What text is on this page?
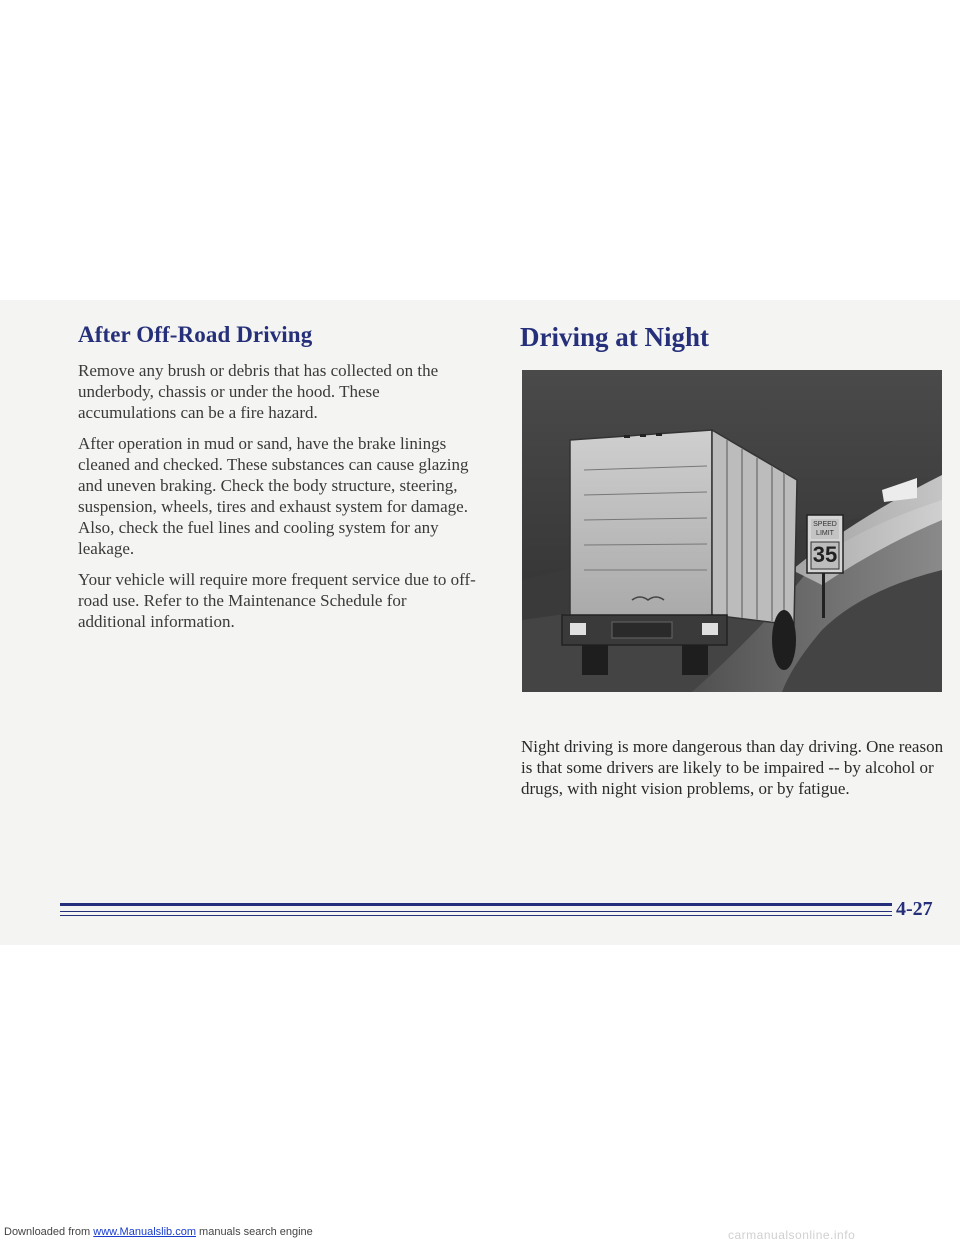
After Off-Road Driving

Remove any brush or debris that has collected on the underbody, chassis or under the hood. These accumulations can be a fire hazard.

After operation in mud or sand, have the brake linings cleaned and checked. These substances can cause glazing and uneven braking. Check the body structure, steering, suspension, wheels, tires and exhaust system for damage. Also, check the fuel lines and cooling system for any leakage.

Your vehicle will require more frequent service due to off-road use. Refer to the Maintenance Schedule for additional information.

Driving at Night
35
SPEED
LIMIT

Night driving is more dangerous than day driving. One reason is that some drivers are likely to be impaired -- by alcohol or drugs, with night vision problems, or by fatigue.

4-27
Downloaded from www.Manualslib.com manuals search engine	carmanualsonline.info
